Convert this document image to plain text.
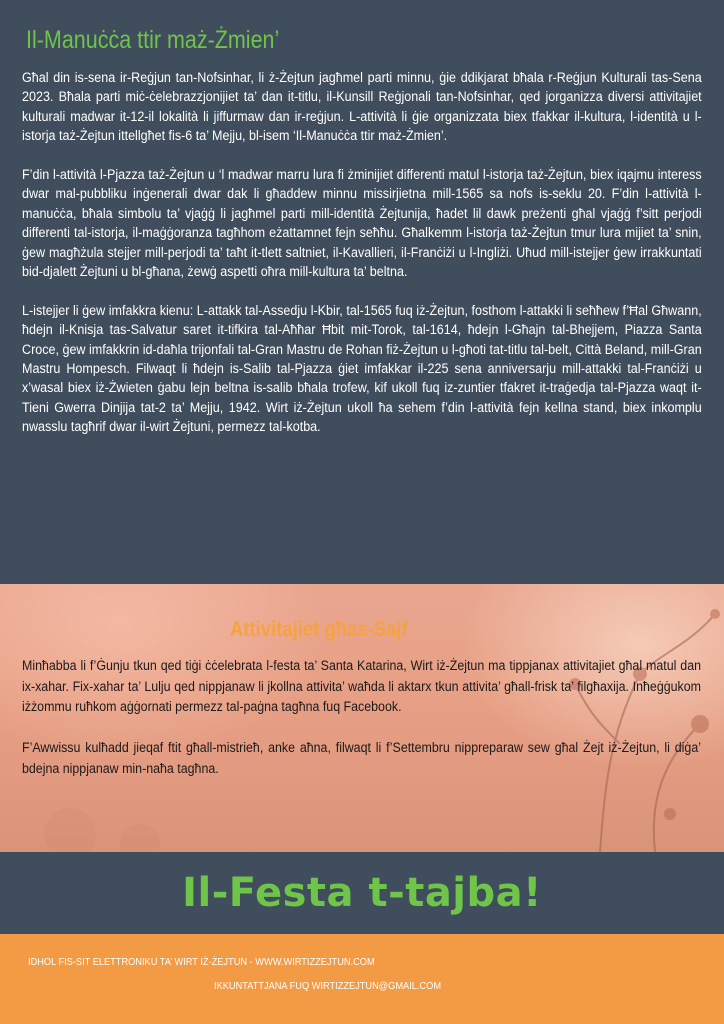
Il-Manuċċa ttir maż-Żmien’

Għal din is-sena ir-Reġjun tan-Nofsinhar, li ż-Żejtun jagħmel parti minnu, ġie ddikjarat bħala r-Reġjun Kulturali tas-Sena 2023. Bħala parti miċ-ċelebrazzjonijiet ta’ dan it-titlu, il-Kunsill Reġjonali tan-Nofsinhar, qed jorganizza diversi attivitajiet kulturali madwar it-12-il lokalità li jiffurmaw dan ir-reġjun. L-attività li ġie organizzata biex tfakkar il-kultura, l-identità u l-istorja taż-Żejtun ittellgħet fis-6 ta’ Mejju, bl-isem ‘Il-Manuċċa ttir maż-Żmien’.

F’din l-attività l-Pjazza taż-Żejtun u ‘l madwar marru lura fi żminijiet differenti matul l-istorja taż-Żejtun, biex iqajmu interess dwar mal-pubbliku inġenerali dwar dak li għaddew minnu missirjietna mill-1565 sa nofs is-seklu 20. F’din l-attività l-manuċċa, bħala simbolu ta’ vjaġġ li jagħmel parti mill-identità Żejtunija, ħadet lil dawk preżenti għal vjaġġ f’sitt perjodi differenti tal-istorja, il-maġġoranza tagħhom eżattamnet fejn seħħu. Għalkemm l-istorja taż-Żejtun tmur lura mijiet ta’ snin, ġew magħżula stejjer mill-perjodi ta’ taħt it-tlett saltniet, il-Kavallieri, il-Franċiżi u l-Ingliżi. Uħud mill-istejjer ġew irrakkuntati bid-djalett Żejtuni u bl-għana, żewġ aspetti oħra mill-kultura ta’ beltna.

L-istejjer li ġew imfakkra kienu: L-attakk tal-Assedju l-Kbir, tal-1565 fuq iż-Żejtun, fosthom l-attakki li seħħew f’Ħal Għwann, ħdejn il-Knisja tas-Salvatur saret it-tifkira tal-Aħħar Ħbit mit-Torok, tal-1614, ħdejn l-Għajn tal-Bhejjem, Piazza Santa Croce, ġew imfakkrin id-daħla trijonfali tal-Gran Mastru de Rohan fiż-Żejtun u l-għoti tat-titlu tal-belt, Città Beland, mill-Gran Mastru Hompesch. Filwaqt li ħdejn is-Salib tal-Pjazza ġiet imfakkar il-225 sena anniversarju mill-attakki tal-Franċiżi u x’wasal biex iż-Żwieten ġabu lejn beltna is-salib bħala trofew, kif ukoll fuq iz-zuntier tfakret it-traġedja tal-Pjazza waqt it-Tieni Gwerra Dinjija tat-2 ta’ Mejju, 1942. Wirt iż-Żejtun ukoll ħa sehem f’din l-attività fejn kellna stand, biex inkomplu nwasslu tagħrif dwar il-wirt Żejtuni, permezz tal-kotba.

Attivitajiet għas-Sajf

Minħabba li f’Ġunju tkun qed tiġi ċċelebrata l-festa ta’ Santa Katarina, Wirt iż-Żejtun ma tippjanax attivitajiet għal matul dan ix-xahar. Fix-xahar ta’ Lulju qed nippjanaw li jkollna attivita’ waħda li aktarx tkun attivita’ għall-frisk ta’ filgħaxija. Inħeġġukom iżżommu ruħkom aġġornati permezz tal-paġna tagħna fuq Facebook.

F’Awwissu kulħadd jieqaf ftit għall-mistrieħ, anke aħna, filwaqt li f’Settembru nippreparaw sew għal Żejt iż-Żejtun, li diġa’ bdejna nippjanaw min-naħa tagħna.

Il-Festa t-tajba!
IDHOL FIS-SIT ELETTRONIKU TA’ WIRT IŻ-ŻEJTUN - WWW.WIRTIZZEJTUN.COM
IKKUNTATTJANA FUQ WIRTIZZEJTUN@GMAIL.COM
